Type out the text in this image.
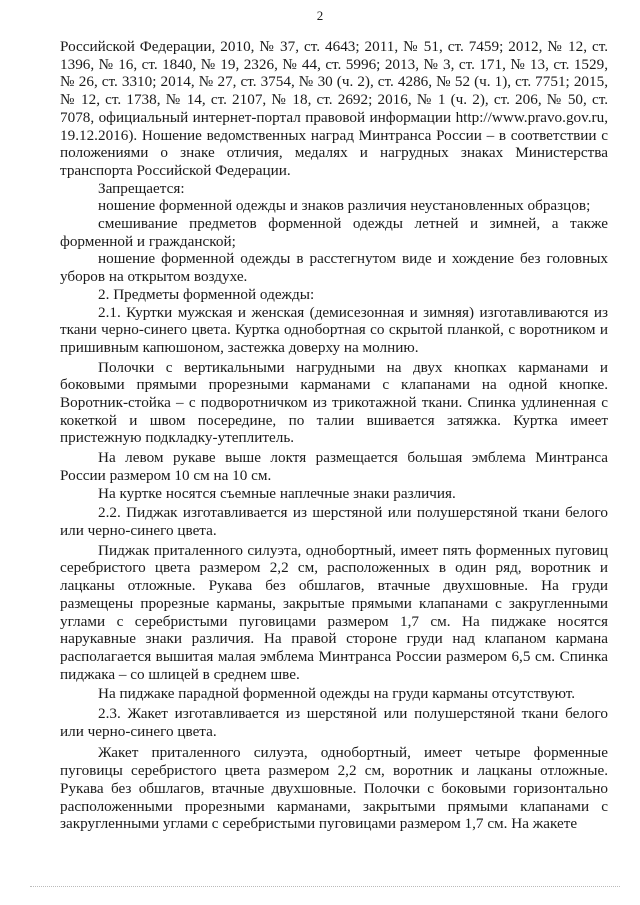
2

Российской Федерации, 2010, № 37, ст. 4643; 2011, № 51, ст. 7459; 2012, № 12, ст. 1396, № 16, ст. 1840, № 19, 2326, № 44, ст. 5996; 2013, № 3, ст. 171, № 13, ст. 1529, № 26, ст. 3310; 2014, № 27, ст. 3754, № 30 (ч. 2), ст. 4286, № 52 (ч. 1), ст. 7751; 2015, № 12, ст. 1738, № 14, ст. 2107, № 18, ст. 2692; 2016, № 1 (ч. 2), ст. 206, № 50, ст. 7078, официальный интернет-портал правовой информации http://www.pravo.gov.ru, 19.12.2016). Ношение ведомственных наград Минтранса России – в соответствии с положениями о знаке отличия, медалях и нагрудных знаках Министерства транспорта Российской Федерации.

Запрещается:

ношение форменной одежды и знаков различия неустановленных образцов;

смешивание предметов форменной одежды летней и зимней, а также форменной и гражданской;

ношение форменной одежды в расстегнутом виде и хождение без головных уборов на открытом воздухе.

2. Предметы форменной одежды:

2.1. Куртки мужская и женская (демисезонная и зимняя) изготавливаются из ткани черно-синего цвета. Куртка однобортная со скрытой планкой, с воротником и пришивным капюшоном, застежка доверху на молнию.

Полочки с вертикальными нагрудными на двух кнопках карманами и боковыми прямыми прорезными карманами с клапанами на одной кнопке. Воротник-стойка – с подворотничком из трикотажной ткани. Спинка удлиненная с кокеткой и швом посередине, по талии вшивается затяжка. Куртка имеет пристежную подкладку-утеплитель.

На левом рукаве выше локтя размещается большая эмблема Минтранса России размером 10 см на 10 см.

На куртке носятся съемные наплечные знаки различия.

2.2. Пиджак изготавливается из шерстяной или полушерстяной ткани белого или черно-синего цвета.

Пиджак приталенного силуэта, однобортный, имеет пять форменных пуговиц серебристого цвета размером 2,2 см, расположенных в один ряд, воротник и лацканы отложные. Рукава без обшлагов, втачные двухшовные. На груди размещены прорезные карманы, закрытые прямыми клапанами с закругленными углами с серебристыми пуговицами размером 1,7 см. На пиджаке носятся нарукавные знаки различия. На правой стороне груди над клапаном кармана располагается вышитая малая эмблема Минтранса России размером 6,5 см. Спинка пиджака – со шлицей в среднем шве.

На пиджаке парадной форменной одежды на груди карманы отсутствуют.

2.3. Жакет изготавливается из шерстяной или полушерстяной ткани белого или черно-синего цвета.

Жакет приталенного силуэта, однобортный, имеет четыре форменные пуговицы серебристого цвета размером 2,2 см, воротник и лацканы отложные. Рукава без обшлагов, втачные двухшовные. Полочки с боковыми горизонтально расположенными прорезными карманами, закрытыми прямыми клапанами с закругленными углами с серебристыми пуговицами размером 1,7 см. На жакете
